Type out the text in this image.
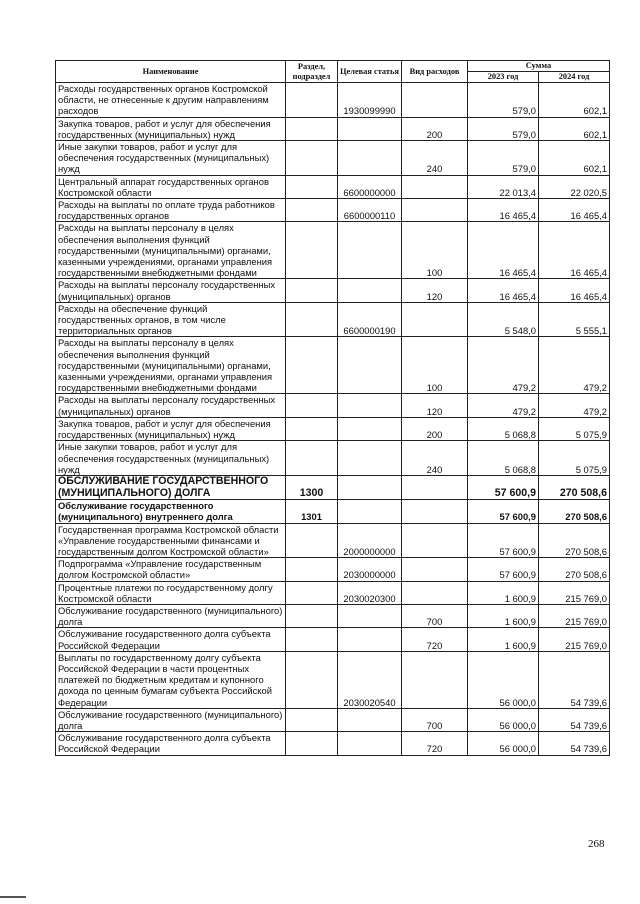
Наименование	Раздел, подраздел	Целевая статья	Вид расходов	Сумма	
				2023 год	2024 год
Расходы государственных органов Костромской области, не отнесенные к другим направлениям расходов		1930099990		579,0	602,1
Закупка товаров, работ и услуг для обеспечения государственных (муниципальных) нужд			200	579,0	602,1
Иные закупки товаров, работ и услуг для обеспечения государственных (муниципальных) нужд			240	579,0	602,1
Центральный аппарат государственных органов Костромской области		6600000000		22 013,4	22 020,5
Расходы на выплаты по оплате труда работников государственных органов		6600000110		16 465,4	16 465,4
Расходы на выплаты персоналу в целях обеспечения выполнения функций государственными (муниципальными) органами, казенными учреждениями, органами управления государственными внебюджетными фондами			100	16 465,4	16 465,4
Расходы на выплаты персоналу государственных (муниципальных) органов			120	16 465,4	16 465,4
Расходы на обеспечение функций государственных органов, в том числе территориальных органов		6600000190		5 548,0	5 555,1
Расходы на выплаты персоналу в целях обеспечения выполнения функций государственными (муниципальными) органами, казенными учреждениями, органами управления государственными внебюджетными фондами			100	479,2	479,2
Расходы на выплаты персоналу государственных (муниципальных) органов			120	479,2	479,2
Закупка товаров, работ и услуг для обеспечения государственных (муниципальных) нужд			200	5 068,8	5 075,9
Иные закупки товаров, работ и услуг для обеспечения государственных (муниципальных) нужд			240	5 068,8	5 075,9
ОБСЛУЖИВАНИЕ ГОСУДАРСТВЕННОГО (МУНИЦИПАЛЬНОГО) ДОЛГА	1300			57 600,9	270 508,6
Обслуживание государственного (муниципального) внутреннего долга	1301			57 600,9	270 508,6
Государственная программа Костромской области «Управление государственными финансами и государственным долгом Костромской области»		2000000000		57 600,9	270 508,6
Подпрограмма «Управление государственным долгом Костромской области»		2030000000		57 600,9	270 508,6
Процентные платежи по государственному долгу Костромской области		2030020300		1 600,9	215 769,0
Обслуживание государственного (муниципального) долга			700	1 600,9	215 769,0
Обслуживание государственного долга субъекта Российской Федерации			720	1 600,9	215 769,0
Выплаты по государственному долгу субъекта Российской Федерации в части процентных платежей по бюджетным кредитам и купонного дохода по ценным бумагам субъекта Российской Федерации		2030020540		56 000,0	54 739,6
Обслуживание государственного (муниципального) долга			700	56 000,0	54 739,6
Обслуживание государственного долга субъекта Российской Федерации			720	56 000,0	54 739,6
268
